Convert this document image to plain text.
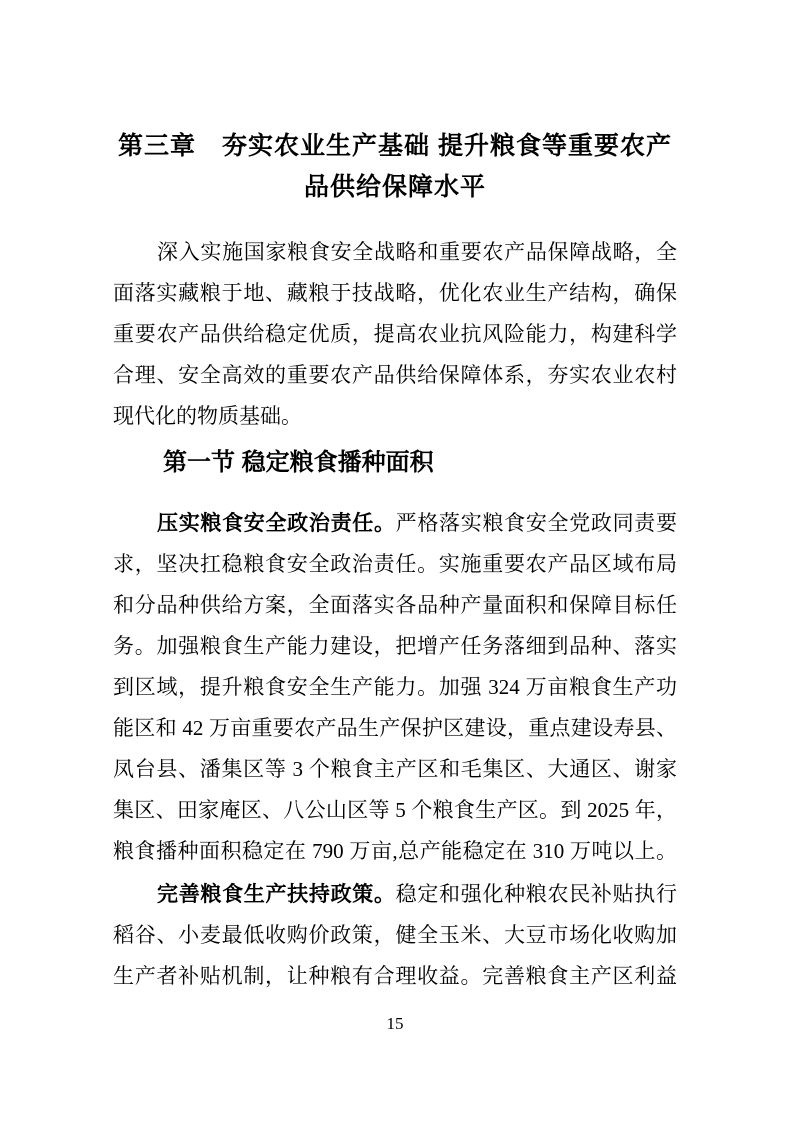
第三章　夯实农业生产基础 提升粮食等重要农产
品供给保障水平
深入实施国家粮食安全战略和重要农产品保障战略，全
面落实藏粮于地、藏粮于技战略，优化农业生产结构，确保
重要农产品供给稳定优质，提高农业抗风险能力，构建科学
合理、安全高效的重要农产品供给保障体系，夯实农业农村
现代化的物质基础。
第一节 稳定粮食播种面积
压实粮食安全政治责任。严格落实粮食安全党政同责要
求，坚决扛稳粮食安全政治责任。实施重要农产品区域布局
和分品种供给方案，全面落实各品种产量面积和保障目标任
务。加强粮食生产能力建设，把增产任务落细到品种、落实
到区域，提升粮食安全生产能力。加强 324 万亩粮食生产功
能区和 42 万亩重要农产品生产保护区建设，重点建设寿县、
凤台县、潘集区等 3 个粮食主产区和毛集区、大通区、谢家
集区、田家庵区、八公山区等 5 个粮食生产区。到 2025 年，
粮食播种面积稳定在 790 万亩,总产能稳定在 310 万吨以上。
完善粮食生产扶持政策。稳定和强化种粮农民补贴执行
稻谷、小麦最低收购价政策，健全玉米、大豆市场化收购加
生产者补贴机制，让种粮有合理收益。完善粮食主产区利益
15
